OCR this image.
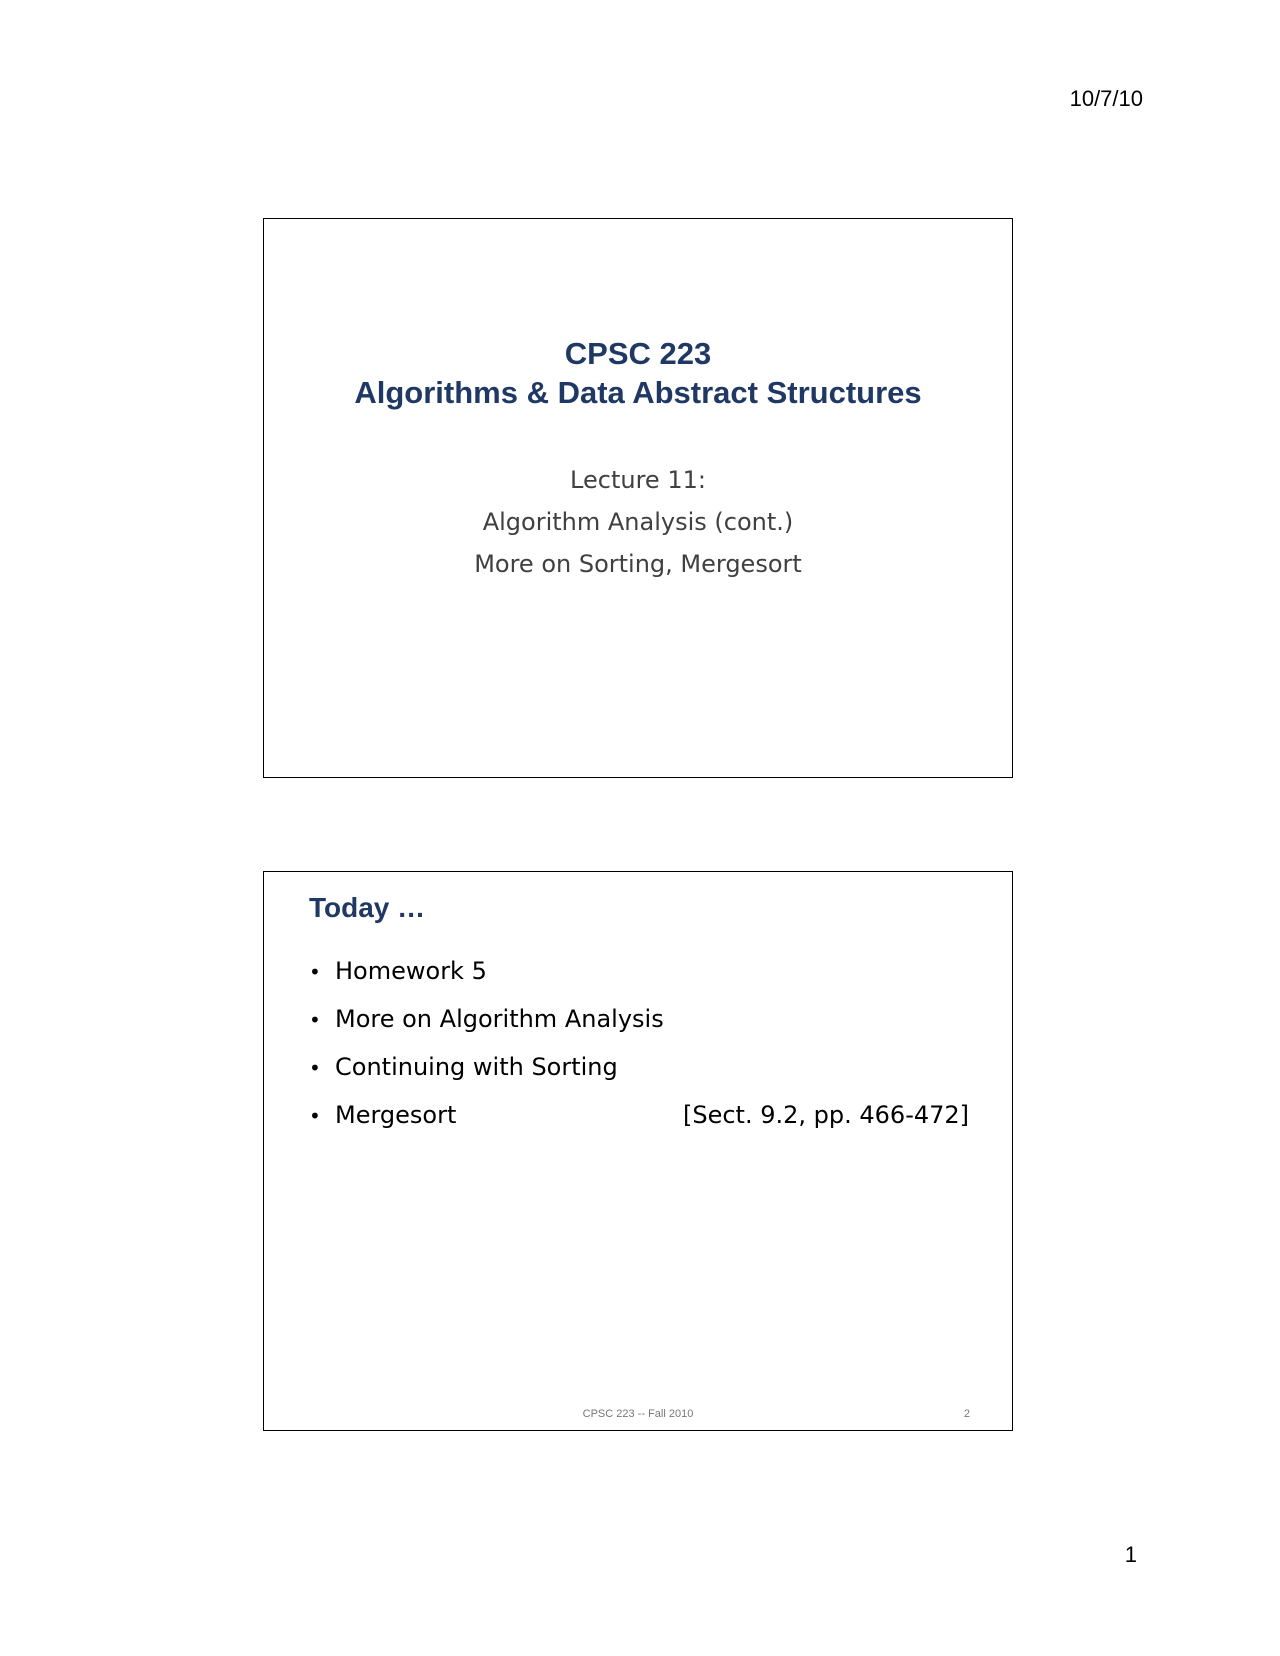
10/7/10
CPSC 223
Algorithms & Data Abstract Structures
Lecture 11:
Algorithm Analysis (cont.)
More on Sorting, Mergesort
Today …
• Homework 5
• More on Algorithm Analysis
• Continuing with Sorting
• Mergesort	[Sect. 9.2, pp. 466-472]
CPSC 223 -- Fall 2010	2
1
